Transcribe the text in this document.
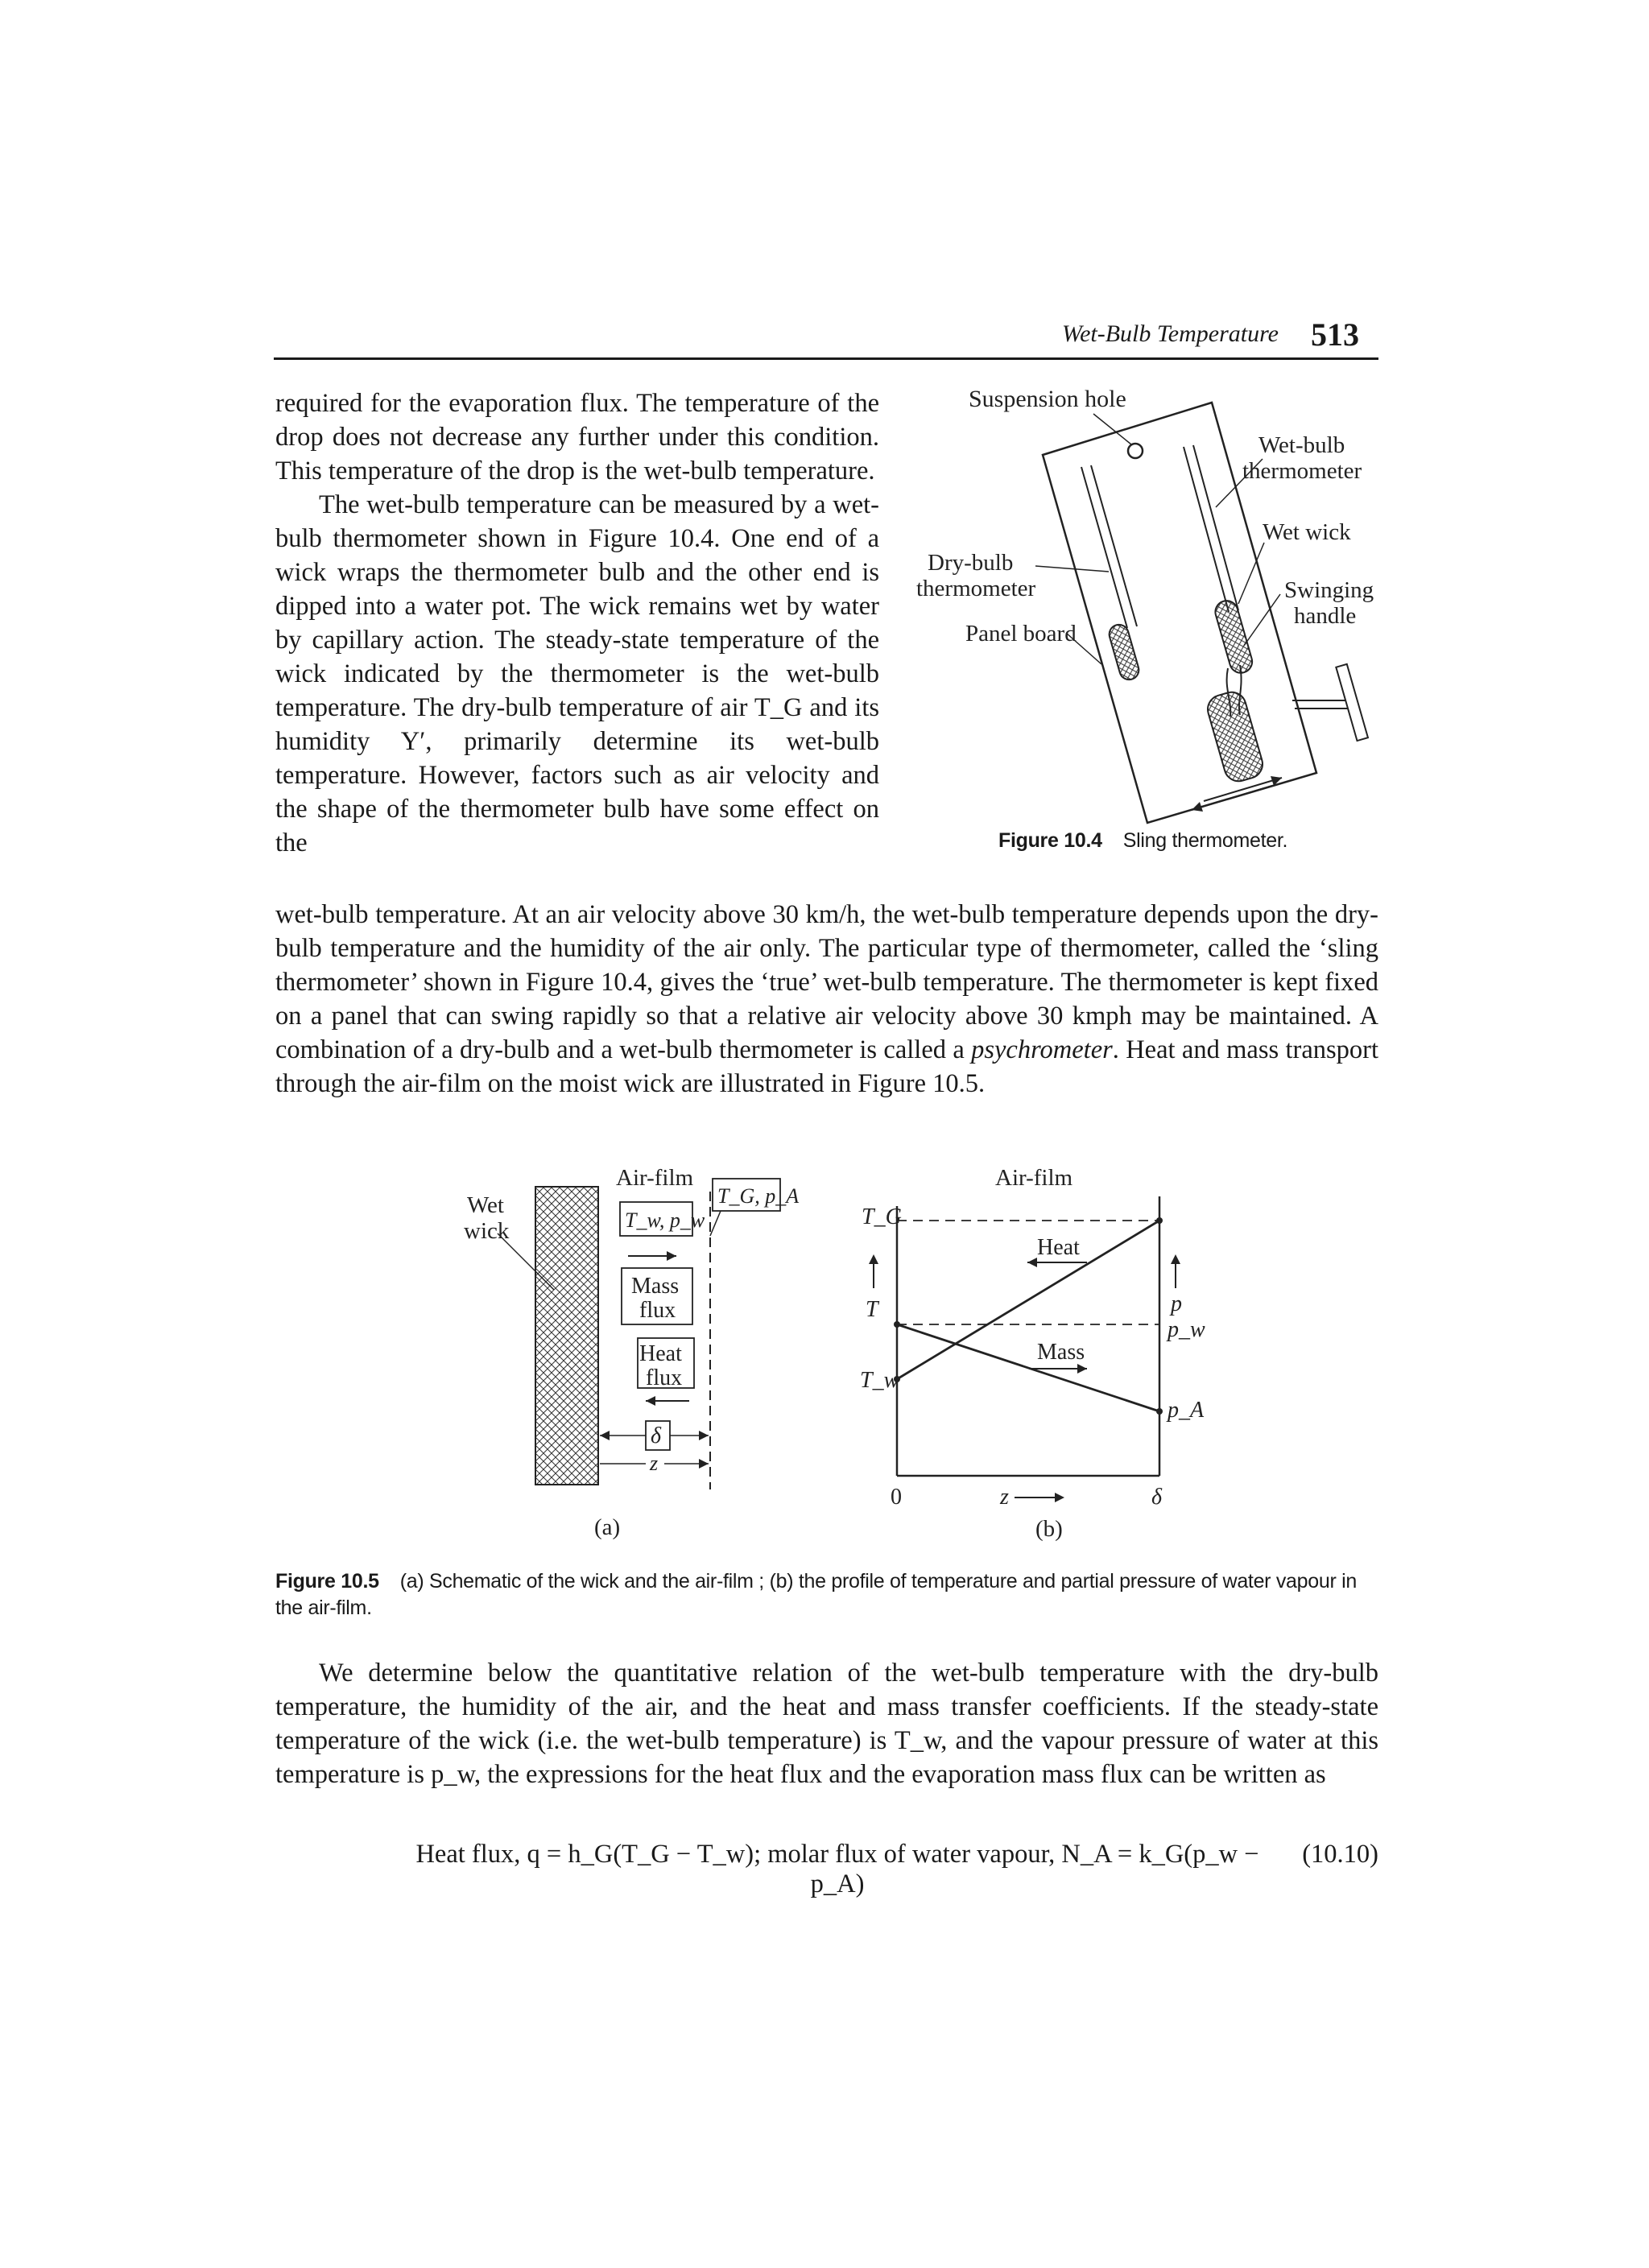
Wet-Bulb Temperature 513

required for the evaporation flux. The temperature of the drop does not decrease any further under this condition. This temperature of the drop is the wet-bulb temperature.

The wet-bulb temperature can be measured by a wet-bulb thermometer shown in Figure 10.4. One end of a wick wraps the thermometer bulb and the other end is dipped into a water pot. The wick remains wet by water by capillary action. The steady-state temperature of the wick indicated by the thermometer is the wet-bulb temperature. The dry-bulb temperature of air T_G and its humidity Y′, primarily determine its wet-bulb temperature. However, factors such as air velocity and the shape of the thermometer bulb have some effect on the

Suspension hole
Wet-bulb
thermometer
Wet wick
Dry-bulb
thermometer	Swinging
handle
Panel board
Figure 10.4 Sling thermometer.

wet-bulb temperature. At an air velocity above 30 km/h, the wet-bulb temperature depends upon the dry-bulb temperature and the humidity of the air only. The particular type of thermometer, called the ‘sling thermometer’ shown in Figure 10.4, gives the ‘true’ wet-bulb temperature. The thermometer is kept fixed on a panel that can swing rapidly so that a relative air velocity above 30 kmph may be maintained. A combination of a dry-bulb and a wet-bulb thermometer is called a psychrometer. Heat and mass transport through the air-film on the moist wick are illustrated in Figure 10.5.

Wet
wick
Air-film
T_G, p_A
T_w, p_w
Mass
flux
Heat
flux
δ
z
(a)
Air-film
T_G
T
T_w
Heat
Mass
p
p_w
p_A
0	z	δ
(b)
Figure 10.5 (a) Schematic of the wick and the air-film ; (b) the profile of temperature and partial pressure of water vapour in the air-film.

We determine below the quantitative relation of the wet-bulb temperature with the dry-bulb temperature, the humidity of the air, and the heat and mass transfer coefficients. If the steady-state temperature of the wick (i.e. the wet-bulb temperature) is T_w, and the vapour pressure of water at this temperature is p_w, the expressions for the heat flux and the evaporation mass flux can be written as

Heat flux, q = h_G(T_G − T_w); molar flux of water vapour, N_A = k_G(p_w − p_A)
(10.10)
